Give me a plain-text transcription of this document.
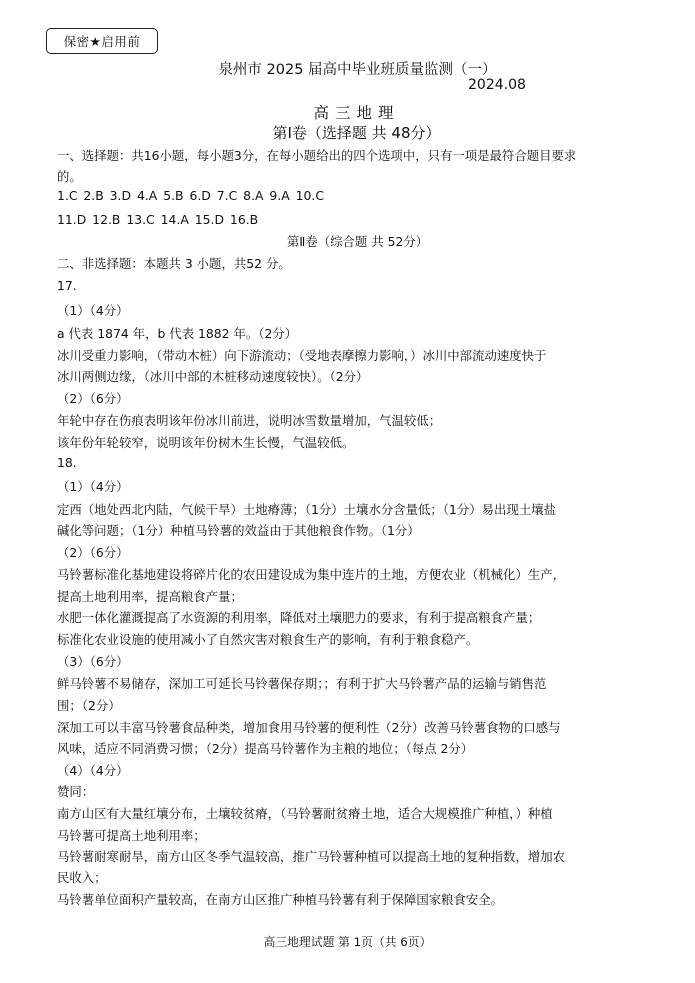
保密★启用前
泉州市 2025 届高中毕业班质量监测（一）
2024.08
高三地理
第Ⅰ卷（选择题 共 48分）
一、选择题：共16小题，每小题3分，在每小题给出的四个选项中，只有一项是最符合题目要求
的。
1.C 2.B 3.D 4.A 5.B 6.D 7.C 8.A 9.A 10.C
11.D 12.B 13.C 14.A 15.D 16.B
第Ⅱ卷（综合题 共 52分）
二、非选择题：本题共 3 小题，共52 分。
17.
（1）（4分）
a 代表 1874 年，b 代表 1882 年。（2分）
冰川受重力影响，（带动木桩）向下游流动；（受地表摩擦力影响，）冰川中部流动速度快于
冰川两侧边缘，（冰川中部的木桩移动速度较快）。（2分）
（2）（6分）
年轮中存在伤痕表明该年份冰川前进，说明冰雪数量增加，气温较低；
该年份年轮较窄，说明该年份树木生长慢，气温较低。
18.
（1）（4分）
定西（地处西北内陆，气候干旱）土地瘠薄；（1分）土壤水分含量低；（1分）易出现土壤盐
碱化等问题；（1分）种植马铃薯的效益由于其他粮食作物。（1分）
（2）（6分）
马铃薯标准化基地建设将碎片化的农田建设成为集中连片的土地，方便农业（机械化）生产，
提高土地利用率，提高粮食产量；
水肥一体化灌溉提高了水资源的利用率，降低对土壤肥力的要求，有利于提高粮食产量；
标准化农业设施的使用减小了自然灾害对粮食生产的影响，有利于粮食稳产。
（3）（6分）
鲜马铃薯不易储存，深加工可延长马铃薯保存期；；有利于扩大马铃薯产品的运输与销售范
围；（2分）
深加工可以丰富马铃薯食品种类，增加食用马铃薯的便利性（2分）改善马铃薯食物的口感与
风味，适应不同消费习惯；（2分）提高马铃薯作为主粮的地位；（每点 2分）
（4）（4分）
赞同：
南方山区有大量红壤分布，土壤较贫瘠，（马铃薯耐贫瘠土地，适合大规模推广种植，）种植
马铃薯可提高土地利用率；
马铃薯耐寒耐旱，南方山区冬季气温较高，推广马铃薯种植可以提高土地的复种指数，增加农
民收入；
马铃薯单位面积产量较高，在南方山区推广种植马铃薯有利于保障国家粮食安全。
高三地理试题 第 1页（共 6页）
